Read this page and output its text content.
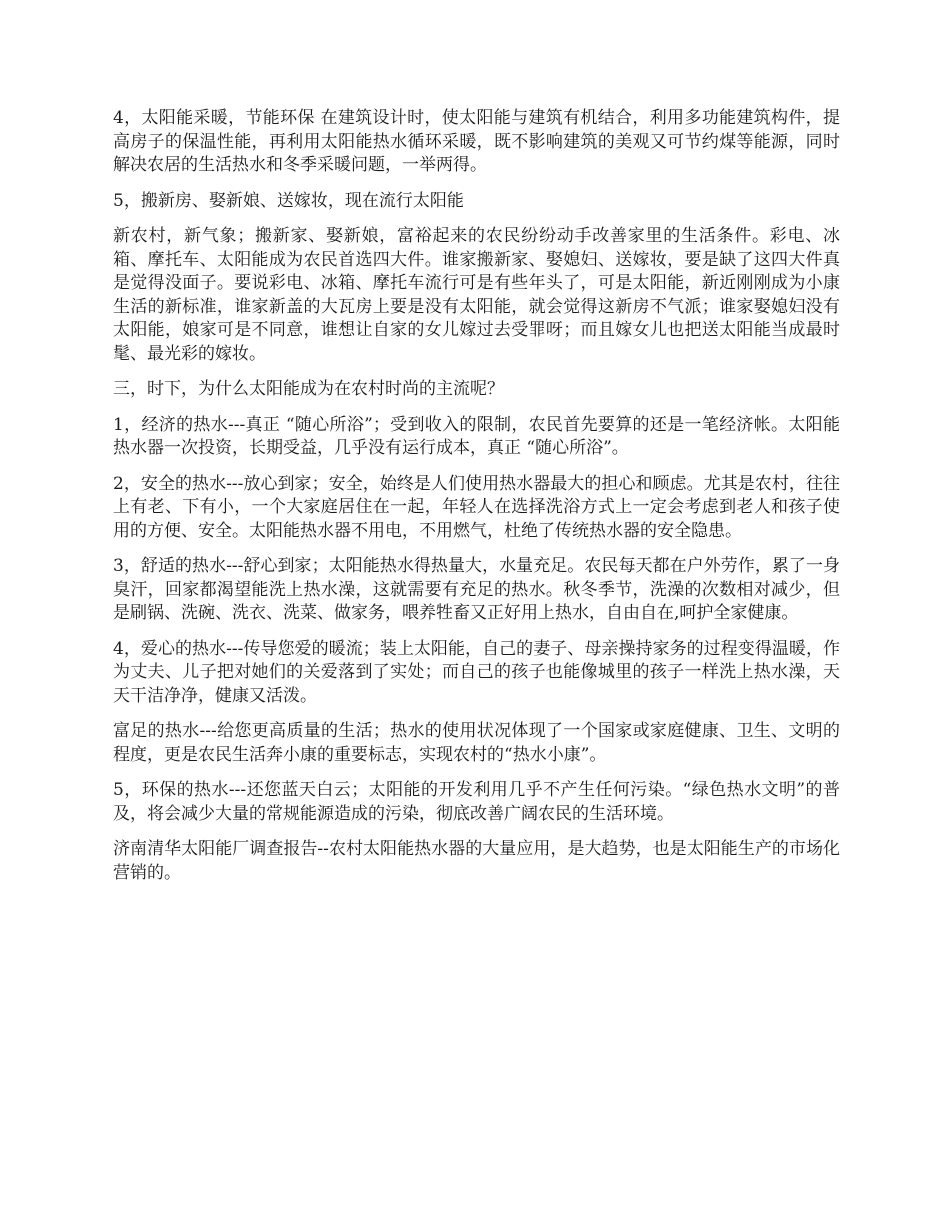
4，太阳能采暖，节能环保 在建筑设计时，使太阳能与建筑有机结合，利用多功能建筑构件，提高房子的保温性能，再利用太阳能热水循环采暖，既不影响建筑的美观又可节约煤等能源，同时解决农居的生活热水和冬季采暖问题，一举两得。

5，搬新房、娶新娘、送嫁妆，现在流行太阳能

新农村，新气象；搬新家、娶新娘，富裕起来的农民纷纷动手改善家里的生活条件。彩电、冰箱、摩托车、太阳能成为农民首选四大件。谁家搬新家、娶媳妇、送嫁妆，要是缺了这四大件真是觉得没面子。要说彩电、冰箱、摩托车流行可是有些年头了，可是太阳能，新近刚刚成为小康生活的新标准，谁家新盖的大瓦房上要是没有太阳能，就会觉得这新房不气派；谁家娶媳妇没有太阳能，娘家可是不同意，谁想让自家的女儿嫁过去受罪呀；而且嫁女儿也把送太阳能当成最时髦、最光彩的嫁妆。

三，时下，为什么太阳能成为在农村时尚的主流呢？

1，经济的热水---真正 “随心所浴”；受到收入的限制，农民首先要算的还是一笔经济帐。太阳能热水器一次投资，长期受益，几乎没有运行成本，真正 “随心所浴”。

2，安全的热水---放心到家；安全，始终是人们使用热水器最大的担心和顾虑。尤其是农村，往往上有老、下有小，一个大家庭居住在一起，年轻人在选择洗浴方式上一定会考虑到老人和孩子使用的方便、安全。太阳能热水器不用电，不用燃气，杜绝了传统热水器的安全隐患。

3，舒适的热水---舒心到家；太阳能热水得热量大，水量充足。农民每天都在户外劳作，累了一身臭汗，回家都渴望能洗上热水澡，这就需要有充足的热水。秋冬季节，洗澡的次数相对减少，但是刷锅、洗碗、洗衣、洗菜、做家务，喂养牲畜又正好用上热水，自由自在,呵护全家健康。

4，爱心的热水---传导您爱的暖流；装上太阳能，自己的妻子、母亲操持家务的过程变得温暖，作为丈夫、儿子把对她们的关爱落到了实处；而自己的孩子也能像城里的孩子一样洗上热水澡，天天干洁净净，健康又活泼。

富足的热水---给您更高质量的生活；热水的使用状况体现了一个国家或家庭健康、卫生、文明的程度，更是农民生活奔小康的重要标志，实现农村的“热水小康”。

5，环保的热水---还您蓝天白云；太阳能的开发利用几乎不产生任何污染。“绿色热水文明”的普及，将会减少大量的常规能源造成的污染，彻底改善广阔农民的生活环境。

济南清华太阳能厂调查报告--农村太阳能热水器的大量应用，是大趋势，也是太阳能生产的市场化营销的。
